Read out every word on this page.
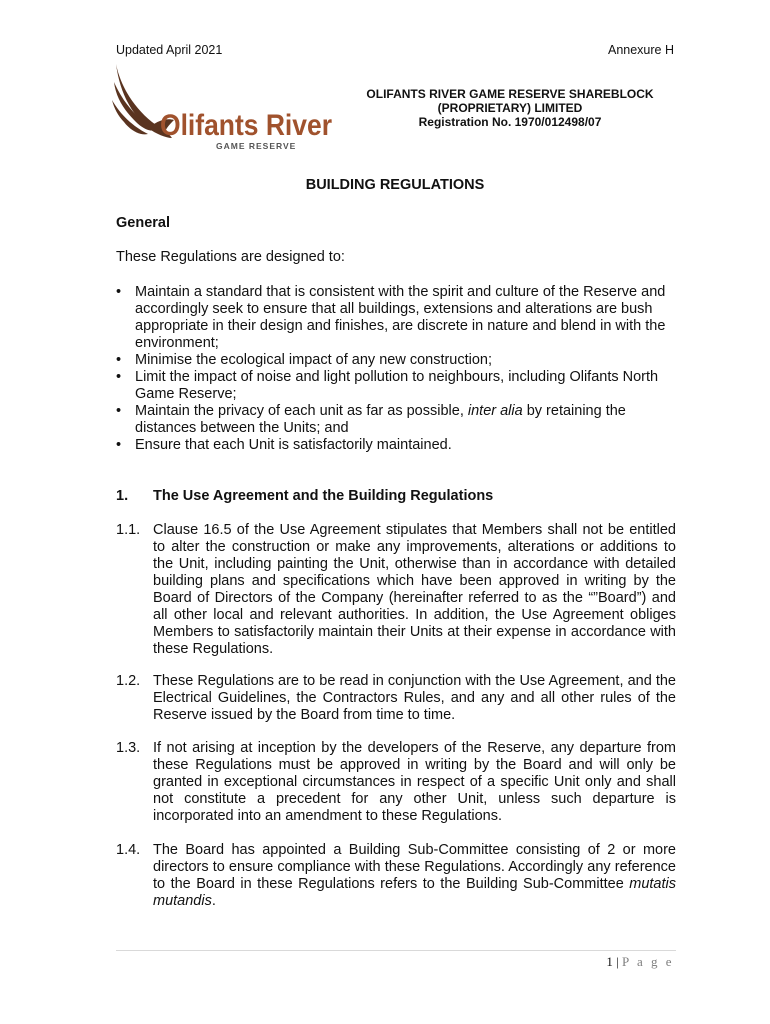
Updated April 2021	Annexure H
Olifants River
GAME RESERVE
OLIFANTS RIVER GAME RESERVE SHAREBLOCK
(PROPRIETARY) LIMITED
Registration No. 1970/012498/07
BUILDING REGULATIONS
General
These Regulations are designed to:
• Maintain a standard that is consistent with the spirit and culture of the Reserve and accordingly seek to ensure that all buildings, extensions and alterations are bush appropriate in their design and finishes, are discrete in nature and blend in with the environment;
• Minimise the ecological impact of any new construction;
• Limit the impact of noise and light pollution to neighbours, including Olifants North Game Reserve;
• Maintain the privacy of each unit as far as possible, inter alia by retaining the distances between the Units; and
• Ensure that each Unit is satisfactorily maintained.
1. The Use Agreement and the Building Regulations
1.1. Clause 16.5 of the Use Agreement stipulates that Members shall not be entitled to alter the construction or make any improvements, alterations or additions to the Unit, including painting the Unit, otherwise than in accordance with detailed building plans and specifications which have been approved in writing by the Board of Directors of the Company (hereinafter referred to as the “”Board”) and all other local and relevant authorities. In addition, the Use Agreement obliges Members to satisfactorily maintain their Units at their expense in accordance with these Regulations.
1.2. These Regulations are to be read in conjunction with the Use Agreement, and the Electrical Guidelines, the Contractors Rules, and any and all other rules of the Reserve issued by the Board from time to time.
1.3. If not arising at inception by the developers of the Reserve, any departure from these Regulations must be approved in writing by the Board and will only be granted in exceptional circumstances in respect of a specific Unit only and shall not constitute a precedent for any other Unit, unless such departure is incorporated into an amendment to these Regulations.
1.4. The Board has appointed a Building Sub-Committee consisting of 2 or more directors to ensure compliance with these Regulations. Accordingly any reference to the Board in these Regulations refers to the Building Sub-Committee mutatis mutandis.
1 | P a g e
